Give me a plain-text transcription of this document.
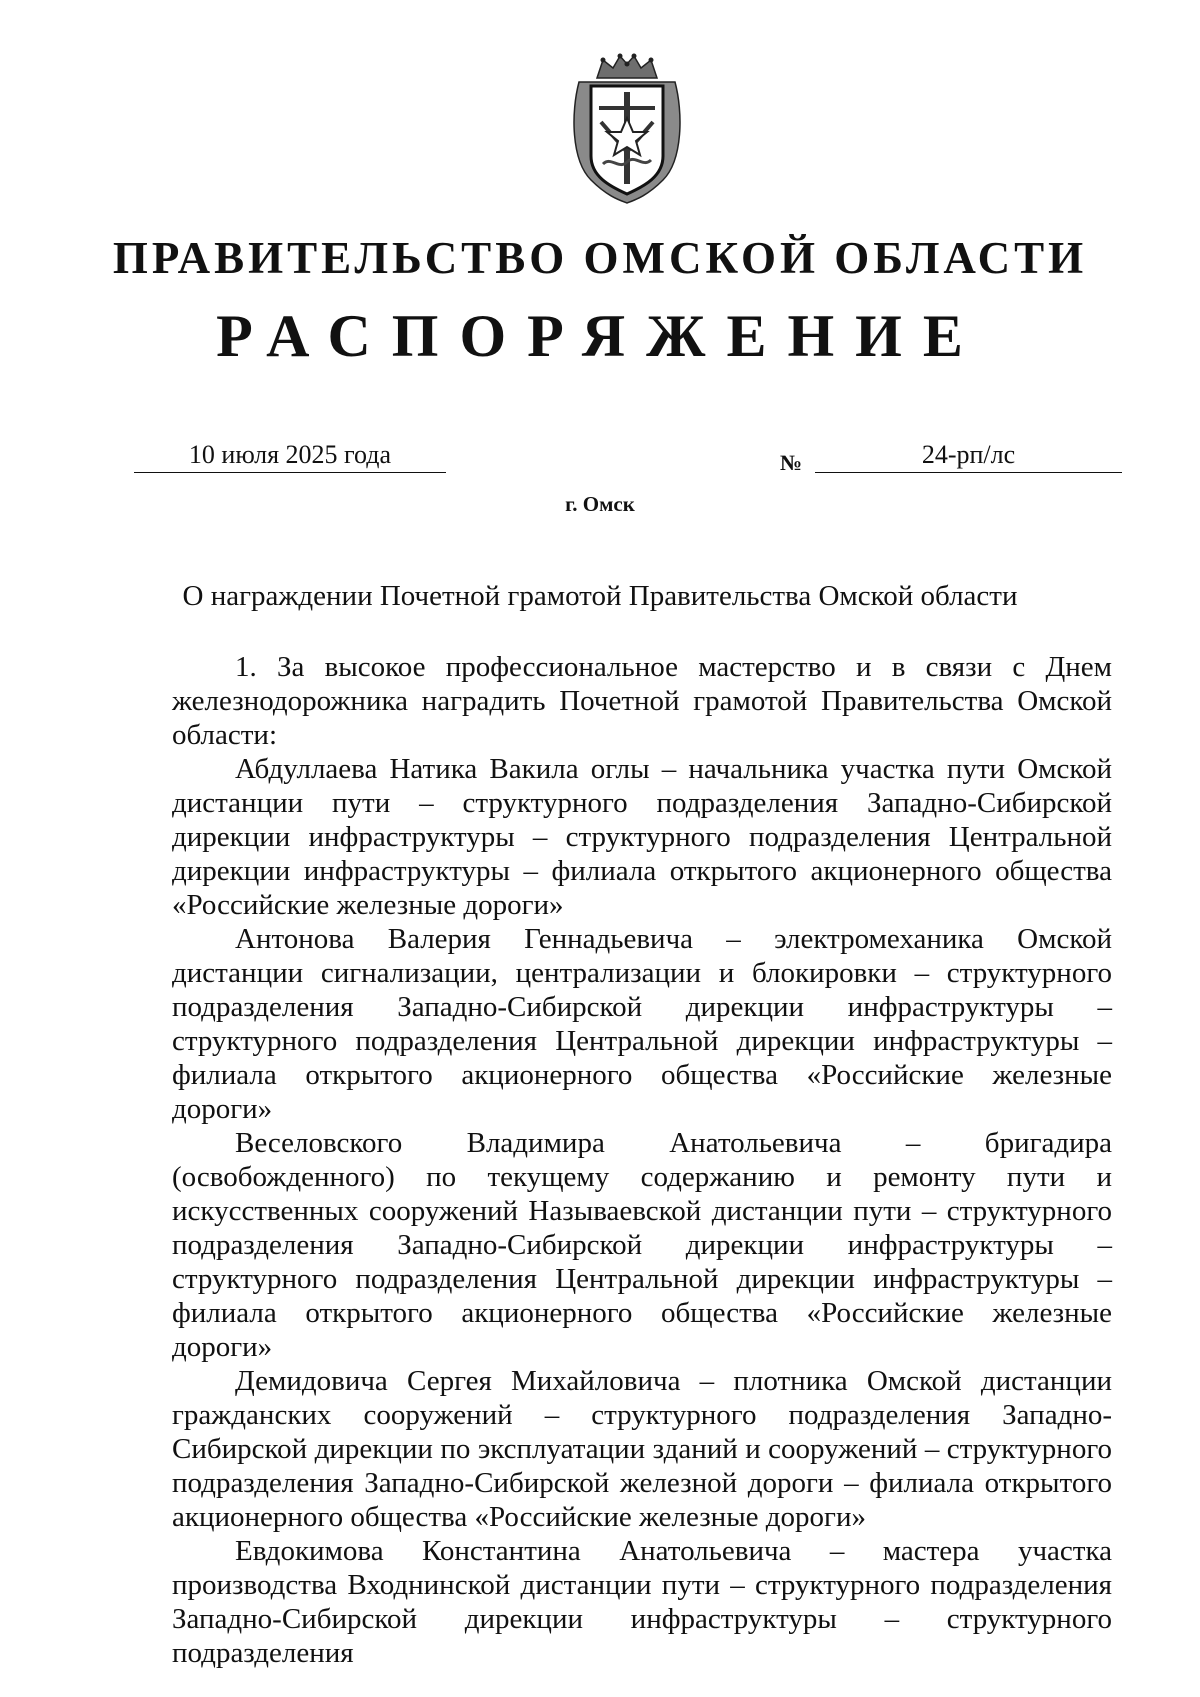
ПРАВИТЕЛЬСТВО ОМСКОЙ ОБЛАСТИ
РАСПОРЯЖЕНИЕ
10 июля 2025 года	№	24-рп/лс
г. Омск
О награждении Почетной грамотой Правительства Омской области

1. За высокое профессиональное мастерство и в связи с Днем железнодорожника наградить Почетной грамотой Правительства Омской области:

Абдуллаева Натика Вакила оглы – начальника участка пути Омской дистанции пути – структурного подразделения Западно-Сибирской дирекции инфраструктуры – структурного подразделения Центральной дирекции инфраструктуры – филиала открытого акционерного общества «Российские железные дороги»

Антонова Валерия Геннадьевича – электромеханика Омской дистанции сигнализации, централизации и блокировки – структурного подразделения Западно-Сибирской дирекции инфраструктуры – структурного подразделения Центральной дирекции инфраструктуры – филиала открытого акционерного общества «Российские железные дороги»

Веселовского Владимира Анатольевича – бригадира (освобожденного) по текущему содержанию и ремонту пути и искусственных сооружений Называевской дистанции пути – структурного подразделения Западно-Сибирской дирекции инфраструктуры – структурного подразделения Центральной дирекции инфраструктуры – филиала открытого акционерного общества «Российские железные дороги»

Демидовича Сергея Михайловича – плотника Омской дистанции гражданских сооружений – структурного подразделения Западно-Сибирской дирекции по эксплуатации зданий и сооружений – структурного подразделения Западно-Сибирской железной дороги – филиала открытого акционерного общества «Российские железные дороги»

Евдокимова Константина Анатольевича – мастера участка производства Входнинской дистанции пути – структурного подразделения Западно-Сибирской дирекции инфраструктуры – структурного подразделения
